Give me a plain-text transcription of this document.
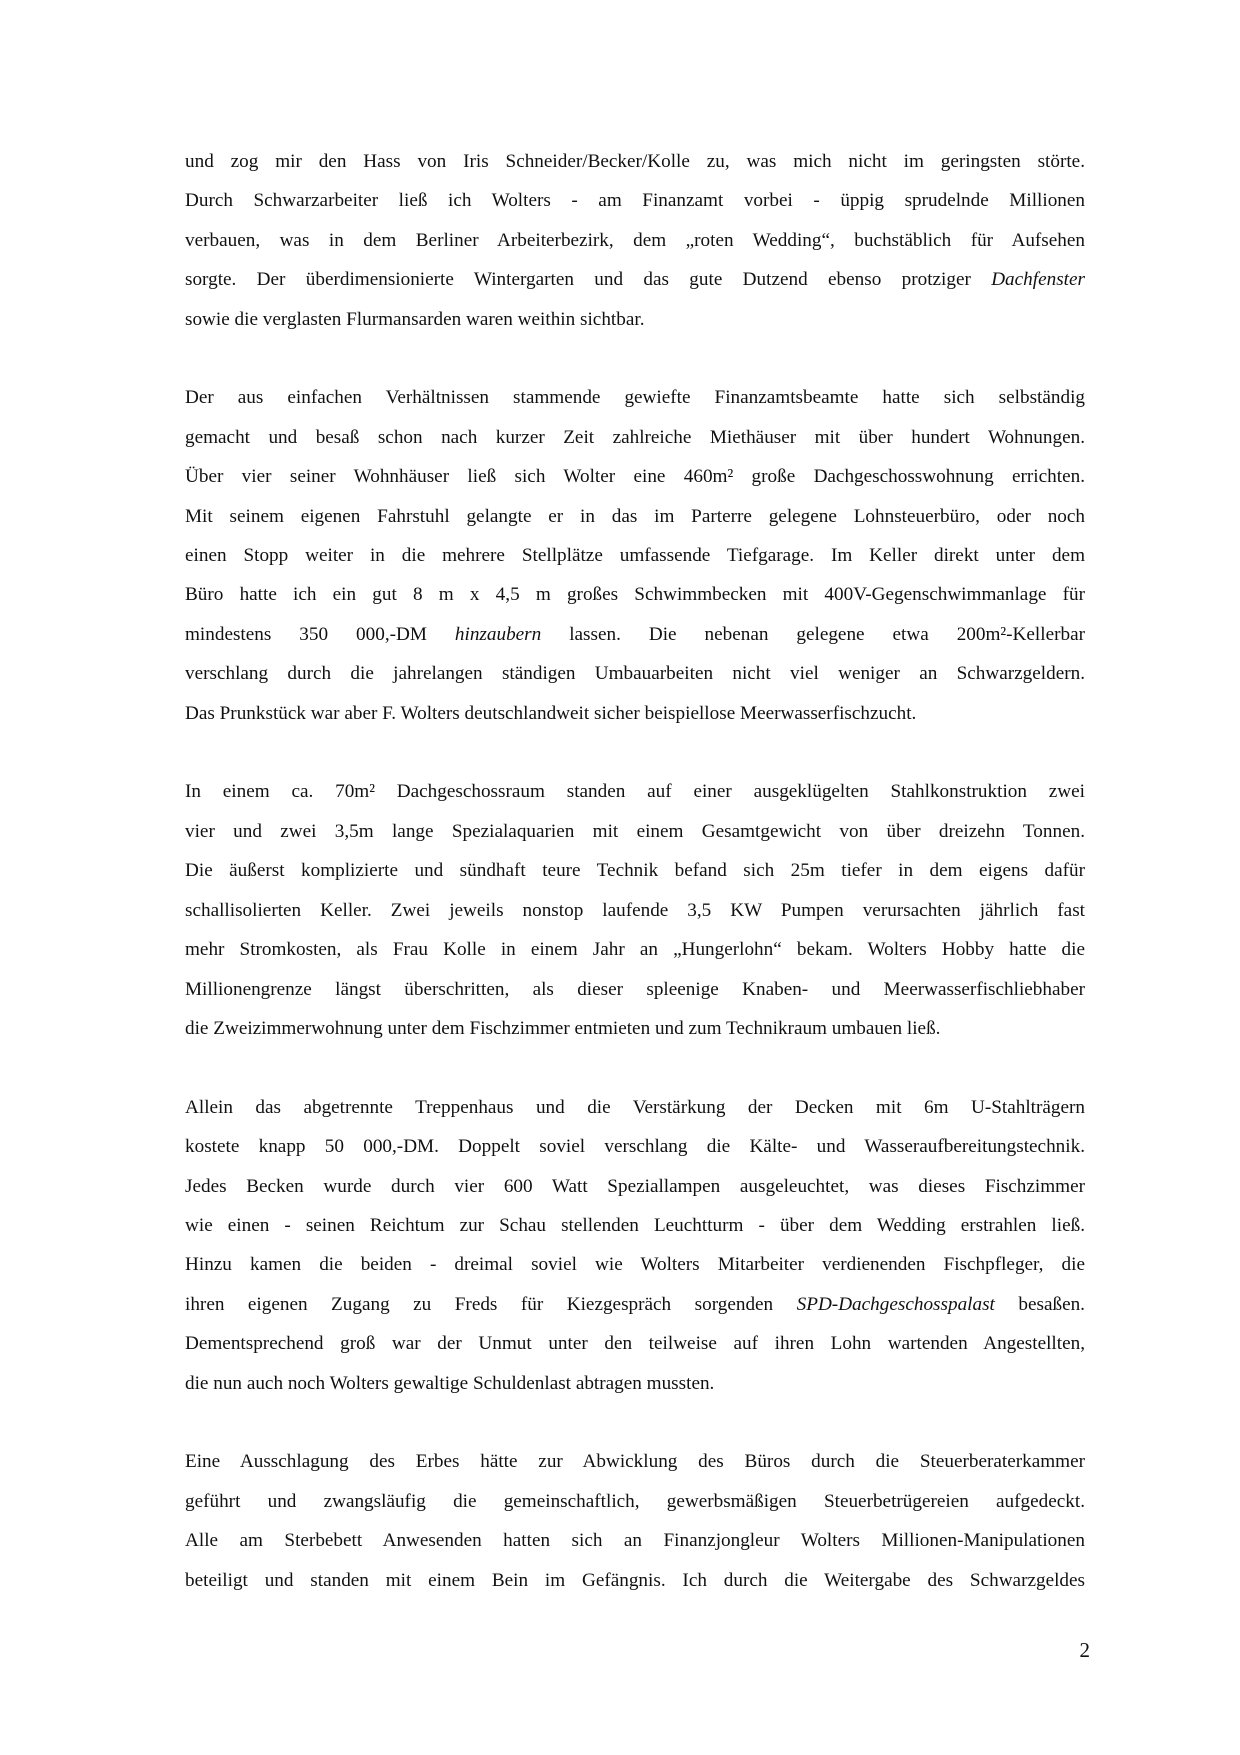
und zog mir den Hass von Iris Schneider/Becker/Kolle zu, was mich nicht im geringsten störte.
Durch Schwarzarbeiter ließ ich Wolters - am Finanzamt vorbei - üppig sprudelnde Millionen
verbauen, was in dem Berliner Arbeiterbezirk, dem „roten Wedding“, buchstäblich für Aufsehen
sorgte. Der überdimensionierte Wintergarten und das gute Dutzend ebenso protziger Dachfenster
sowie die verglasten Flurmansarden waren weithin sichtbar.
Der aus einfachen Verhältnissen stammende gewiefte Finanzamtsbeamte hatte sich selbständig
gemacht und besaß schon nach kurzer Zeit zahlreiche Miethäuser mit über hundert Wohnungen.
Über vier seiner Wohnhäuser ließ sich Wolter eine 460m² große Dachgeschosswohnung errichten.
Mit seinem eigenen Fahrstuhl gelangte er in das im Parterre gelegene Lohnsteuerbüro, oder noch
einen Stopp weiter in die mehrere Stellplätze umfassende Tiefgarage. Im Keller direkt unter dem
Büro hatte ich ein gut 8 m x 4,5 m großes Schwimmbecken mit 400V-Gegenschwimmanlage für
mindestens 350 000,-DM hinzaubern lassen. Die nebenan gelegene etwa 200m²-Kellerbar
verschlang durch die jahrelangen ständigen Umbauarbeiten nicht viel weniger an Schwarzgeldern.
Das Prunkstück war aber F. Wolters deutschlandweit sicher beispiellose Meerwasserfischzucht.
In einem ca. 70m² Dachgeschossraum standen auf einer ausgeklügelten Stahlkonstruktion zwei
vier und zwei 3,5m lange Spezialaquarien mit einem Gesamtgewicht von über dreizehn Tonnen.
Die äußerst komplizierte und sündhaft teure Technik befand sich 25m tiefer in dem eigens dafür
schallisolierten Keller. Zwei jeweils nonstop laufende 3,5 KW Pumpen verursachten jährlich fast
mehr Stromkosten, als Frau Kolle in einem Jahr an „Hungerlohn“ bekam. Wolters Hobby hatte die
Millionengrenze längst überschritten, als dieser spleenige Knaben- und Meerwasserfischliebhaber
die Zweizimmerwohnung unter dem Fischzimmer entmieten und zum Technikraum umbauen ließ.
Allein das abgetrennte Treppenhaus und die Verstärkung der Decken mit 6m U-Stahlträgern
kostete knapp 50 000,-DM. Doppelt soviel verschlang die Kälte- und Wasseraufbereitungstechnik.
Jedes Becken wurde durch vier 600 Watt Speziallampen ausgeleuchtet, was dieses Fischzimmer
wie einen - seinen Reichtum zur Schau stellenden Leuchtturm - über dem Wedding erstrahlen ließ.
Hinzu kamen die beiden - dreimal soviel wie Wolters Mitarbeiter verdienenden Fischpfleger, die
ihren eigenen Zugang zu Freds für Kiezgespräch sorgenden SPD-Dachgeschosspalast besaßen.
Dementsprechend groß war der Unmut unter den teilweise auf ihren Lohn wartenden Angestellten,
die nun auch noch Wolters gewaltige Schuldenlast abtragen mussten.
Eine Ausschlagung des Erbes hätte zur Abwicklung des Büros durch die Steuerberaterkammer
geführt und zwangsläufig die gemeinschaftlich, gewerbsmäßigen Steuerbetrügereien aufgedeckt.
Alle am Sterbebett Anwesenden hatten sich an Finanzjongleur Wolters Millionen-Manipulationen
beteiligt und standen mit einem Bein im Gefängnis. Ich durch die Weitergabe des Schwarzgeldes
2
